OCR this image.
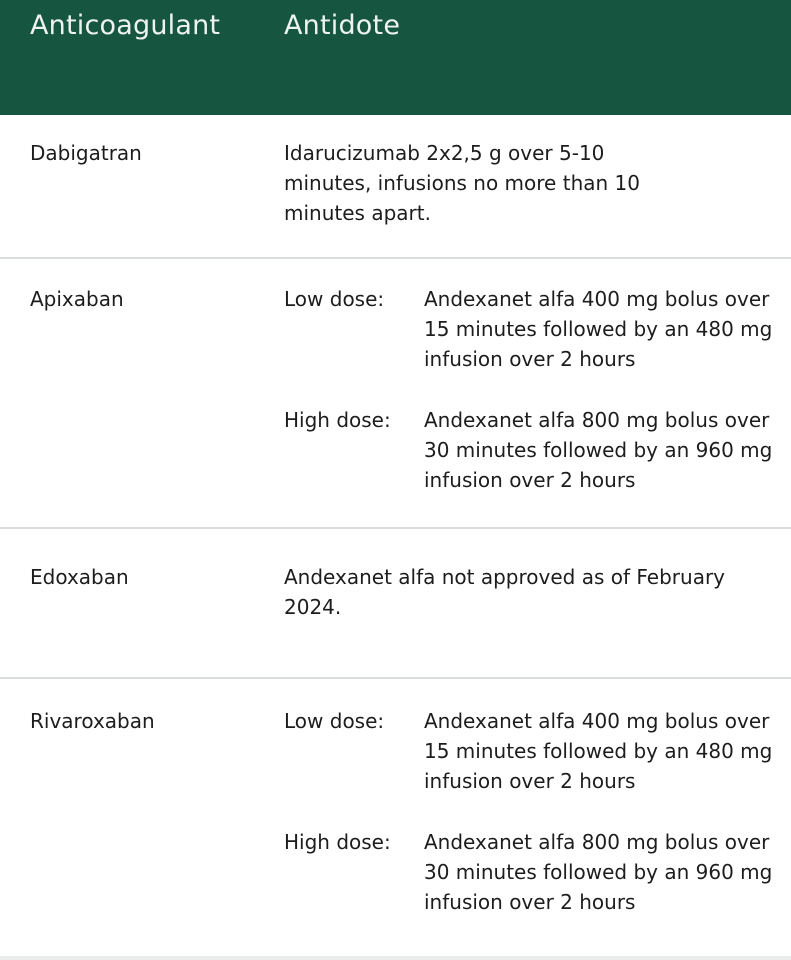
Anticoagulant Antidote
Dabigatran	Idarucizumab 2x2,5 g over 5-10 minutes, infusions no more than 10 minutes apart.
Apixaban	Low dose: Andexanet alfa 400 mg bolus over 15 minutes followed by an 480 mg infusion over 2 hours
High dose: Andexanet alfa 800 mg bolus over 30 minutes followed by an 960 mg infusion over 2 hours
Edoxaban	Andexanet alfa not approved as of February 2024.
Rivaroxaban	Low dose: Andexanet alfa 400 mg bolus over 15 minutes followed by an 480 mg infusion over 2 hours
High dose: Andexanet alfa 800 mg bolus over 30 minutes followed by an 960 mg infusion over 2 hours
